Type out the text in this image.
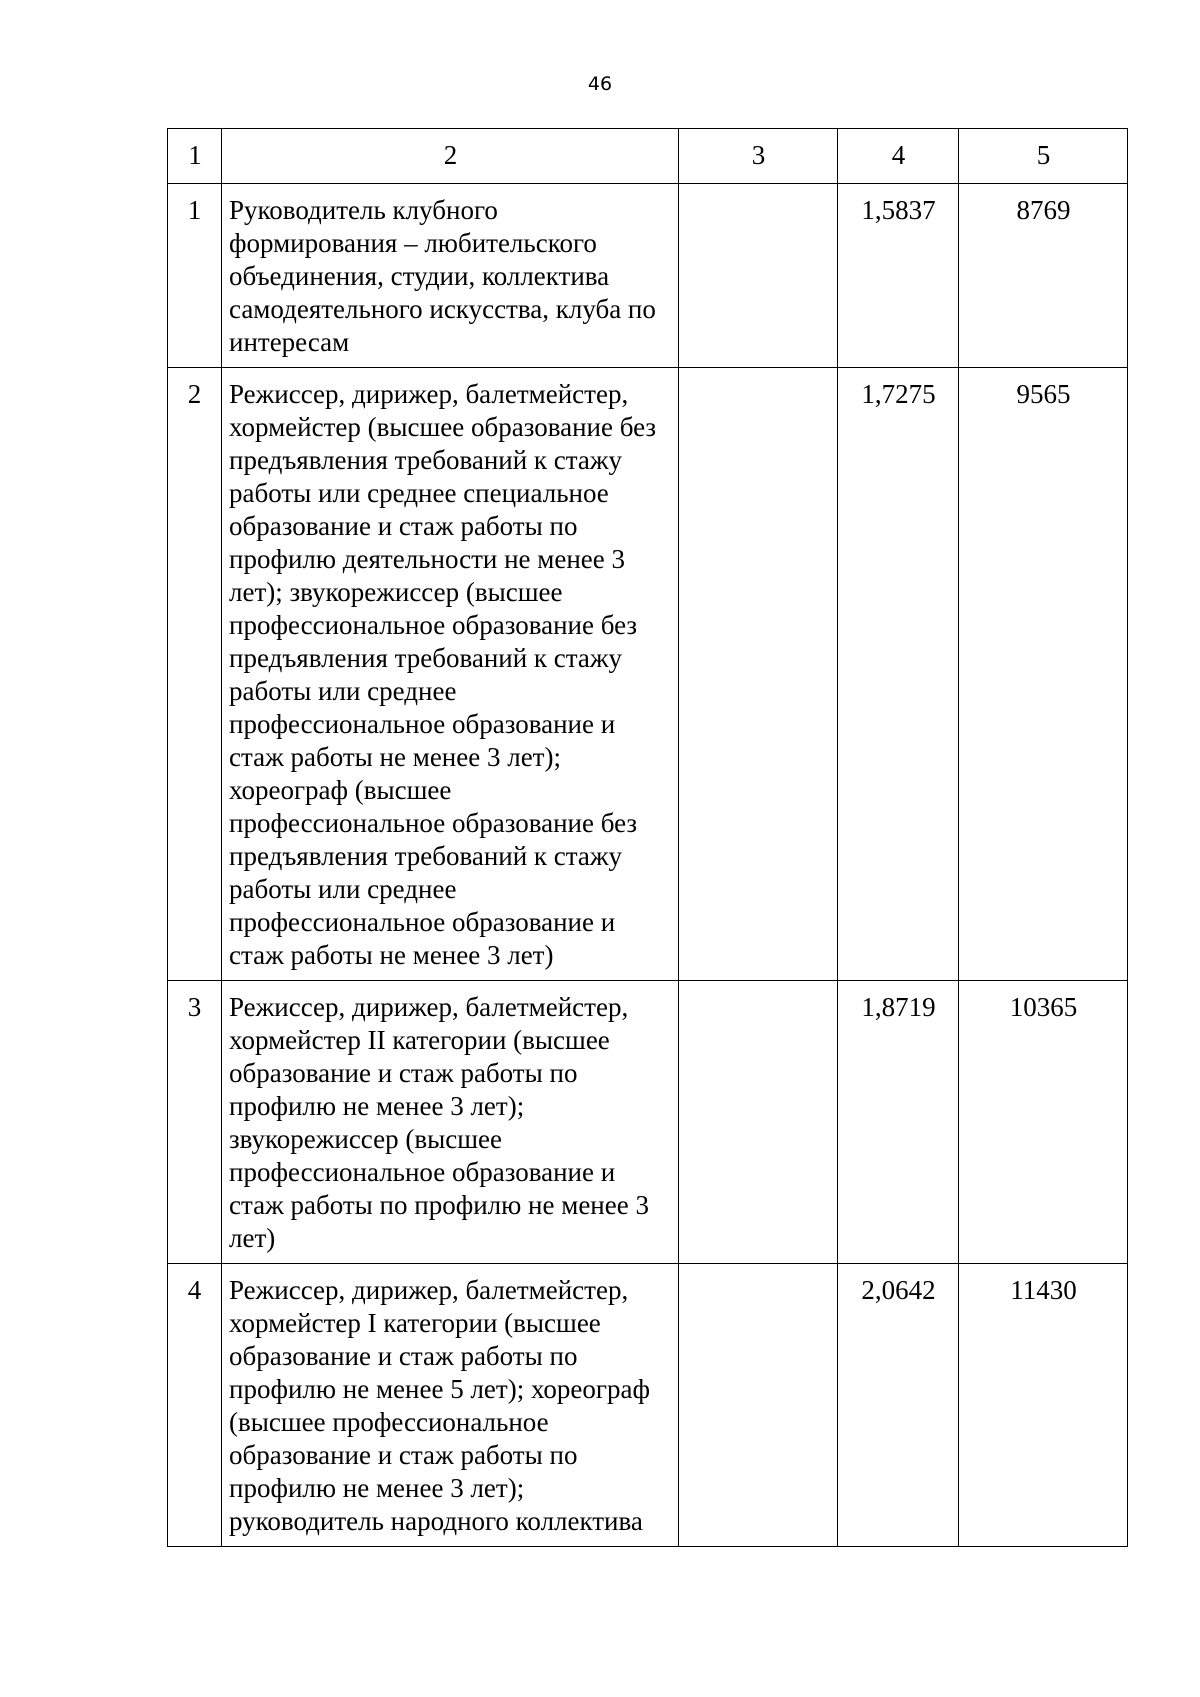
46
1	2	3	4	5
1	Руководитель клубного формирования – любительского объединения, студии, коллектива самодеятельного искусства, клуба по интересам		1,5837	8769
2	Режиссер, дирижер, балетмейстер, хормейстер (высшее образование без предъявления требований к стажу работы или среднее специальное образование и стаж работы по профилю деятельности не менее 3 лет); звукорежиссер (высшее профессиональное образование без предъявления требований к стажу работы или среднее профессиональное образование и стаж работы не менее 3 лет); хореограф (высшее профессиональное образование без предъявления требований к стажу работы или среднее профессиональное образование и стаж работы не менее 3 лет)		1,7275	9565
3	Режиссер, дирижер, балетмейстер, хормейстер II категории (высшее образование и стаж работы по профилю не менее 3 лет); звукорежиссер (высшее профессиональное образование и стаж работы по профилю не менее 3 лет)		1,8719	10365
4	Режиссер, дирижер, балетмейстер, хормейстер I категории (высшее образование и стаж работы по профилю не менее 5 лет); хореограф (высшее профессиональное образование и стаж работы по профилю не менее 3 лет); руководитель народного коллектива		2,0642	11430
